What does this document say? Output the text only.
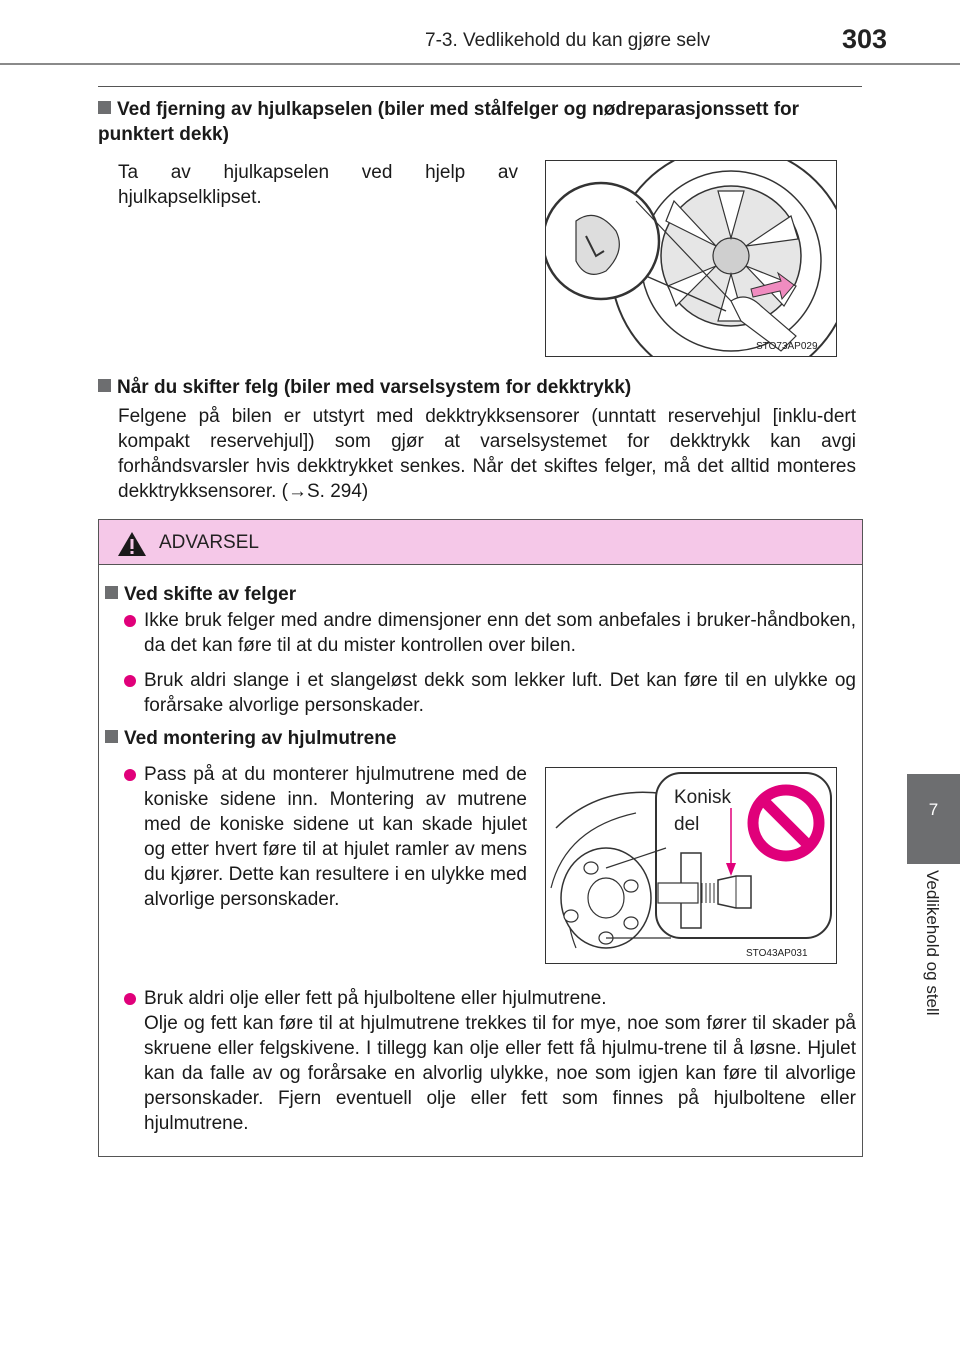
7-3. Vedlikehold du kan gjøre selv	303
7
Vedlikehold og stell
Ved fjerning av hjulkapselen (biler med stålfelger og nødreparasjonssett for punktert dekk)
Ta av hjulkapselen ved hjelp av hjulkapselklipset.
STO73AP029
Når du skifter felg (biler med varselsystem for dekktrykk)
Felgene på bilen er utstyrt med dekktrykksensorer (unntatt reservehjul [inklu-dert kompakt reservehjul]) som gjør at varselsystemet for dekktrykk kan avgi forhåndsvarsler hvis dekktrykket senkes. Når det skiftes felger, må det alltid monteres dekktrykksensorer. (→S. 294)
ADVARSEL
Ved skifte av felger
Ikke bruk felger med andre dimensjoner enn det som anbefales i bruker-håndboken, da det kan føre til at du mister kontrollen over bilen.
Bruk aldri slange i et slangeløst dekk som lekker luft. Det kan føre til en ulykke og forårsake alvorlige personskader.
Ved montering av hjulmutrene
Pass på at du monterer hjulmutrene med de koniske sidene inn. Montering av mutrene med de koniske sidene ut kan skade hjulet og etter hvert føre til at hjulet ramler av mens du kjører. Dette kan resultere i en ulykke med alvorlige personskader.
Konisk
del
STO43AP031
Bruk aldri olje eller fett på hjulboltene eller hjulmutrene.
Olje og fett kan føre til at hjulmutrene trekkes til for mye, noe som fører til skader på skruene eller felgskivene. I tillegg kan olje eller fett få hjulmu-trene til å løsne. Hjulet kan da falle av og forårsake en alvorlig ulykke, noe som igjen kan føre til alvorlige personskader. Fjern eventuell olje eller fett som finnes på hjulboltene eller hjulmutrene.
